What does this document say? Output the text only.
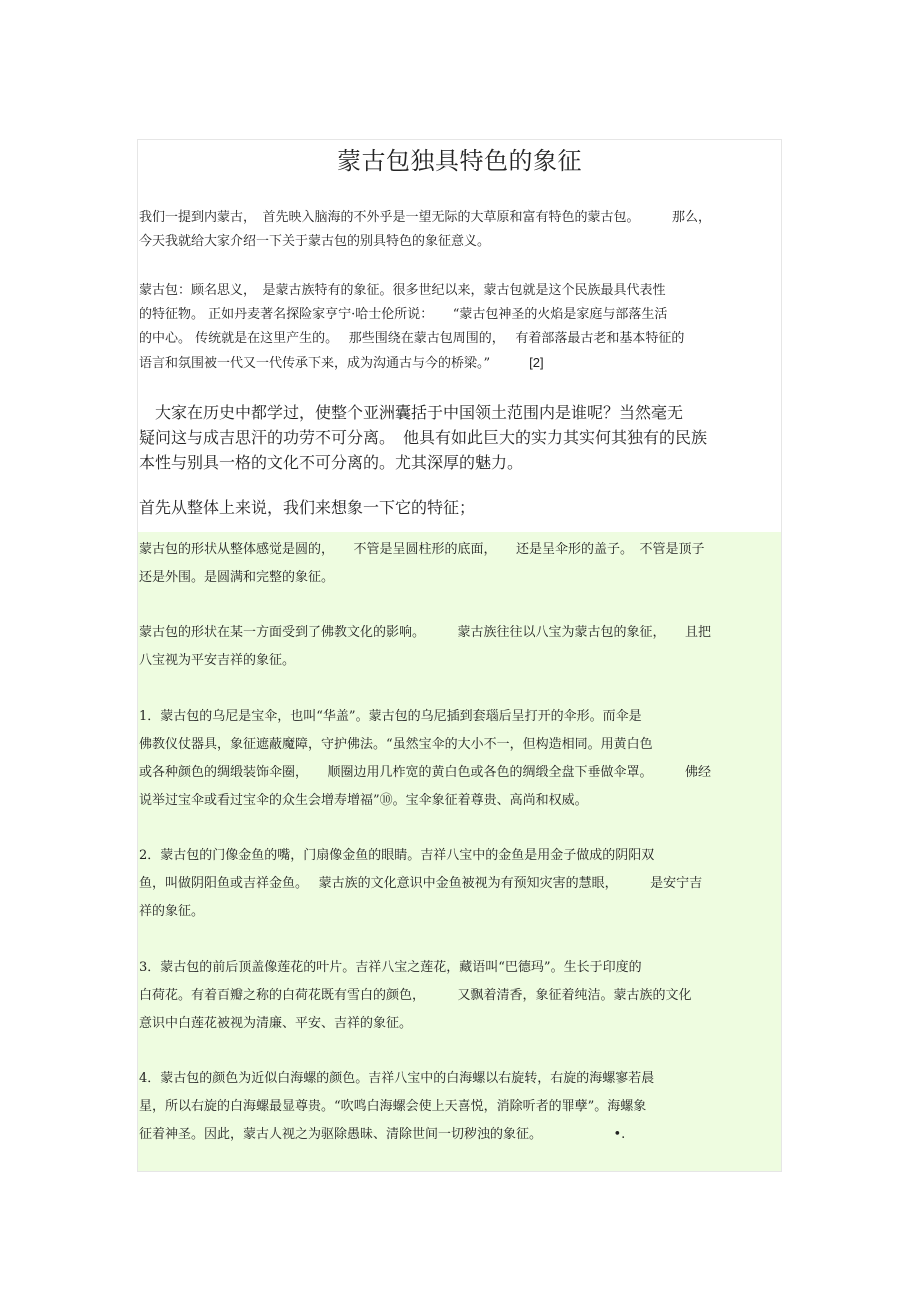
蒙古包独具特色的象征
我们一提到内蒙古，　首先映入脑海的不外乎是一望无际的大草原和富有特色的蒙古包。　　　那么，
今天我就给大家介绍一下关于蒙古包的别具特色的象征意义。
蒙古包：顾名思义，　是蒙古族特有的象征。很多世纪以来，蒙古包就是这个民族最具代表性
的特征物。 正如丹麦著名探险家亨宁·哈士伦所说：　　“蒙古包神圣的火焰是家庭与部落生活
的中心。 传统就是在这里产生的。　 那些围绕在蒙古包周围的，　 有着部落最古老和基本特征的
语言和氛围被一代又一代传承下来，成为沟通古与今的桥梁。”　　　[2]
　大家在历史中都学过，使整个亚洲囊括于中国领土范围内是谁呢？当然毫无
疑问这与成吉思汗的功劳不可分离。　他具有如此巨大的实力其实何其独有的民族
本性与别具一格的文化不可分离的。尤其深厚的魅力。
首先从整体上来说，我们来想象一下它的特征；
蒙古包的形状从整体感觉是圆的，　　不管是呈圆柱形的底面，　　还是呈伞形的盖子。　不管是顶子
还是外围。是圆满和完整的象征。
蒙古包的形状在某一方面受到了佛教文化的影响。　　　蒙古族往往以八宝为蒙古包的象征，　　且把
八宝视为平安吉祥的象征。
1．蒙古包的乌尼是宝伞，也叫“华盖”。蒙古包的乌尼插到套瑙后呈打开的伞形。而伞是
佛教仪仗器具，象征遮蔽魔障，守护佛法。“虽然宝伞的大小不一，但构造相同。用黄白色
或各种颜色的绸缎装饰伞圈，　　顺圈边用几柞宽的黄白色或各色的绸缎全盘下垂做伞罩。　　　佛经
说举过宝伞或看过宝伞的众生会增寿增福”⑩。宝伞象征着尊贵、高尚和权威。
2．蒙古包的门像金鱼的嘴，门扇像金鱼的眼睛。吉祥八宝中的金鱼是用金子做成的阴阳双
鱼，叫做阴阳鱼或吉祥金鱼。　 蒙古族的文化意识中金鱼被视为有预知灾害的慧眼，　　　是安宁吉
祥的象征。
3．蒙古包的前后顶盖像莲花的叶片。吉祥八宝之莲花，藏语叫“巴德玛”。生长于印度的
白荷花。有着百瓣之称的白荷花既有雪白的颜色，　　　又飘着清香，象征着纯洁。蒙古族的文化
意识中白莲花被视为清廉、平安、吉祥的象征。
4．蒙古包的颜色为近似白海螺的颜色。吉祥八宝中的白海螺以右旋转，右旋的海螺寥若晨
星，所以右旋的白海螺最显尊贵。“吹鸣白海螺会使上天喜悦，消除听者的罪孽”。海螺象
征着神圣。因此，蒙古人视之为驱除愚昧、清除世间一切秽浊的象征。　　　　　　•.
